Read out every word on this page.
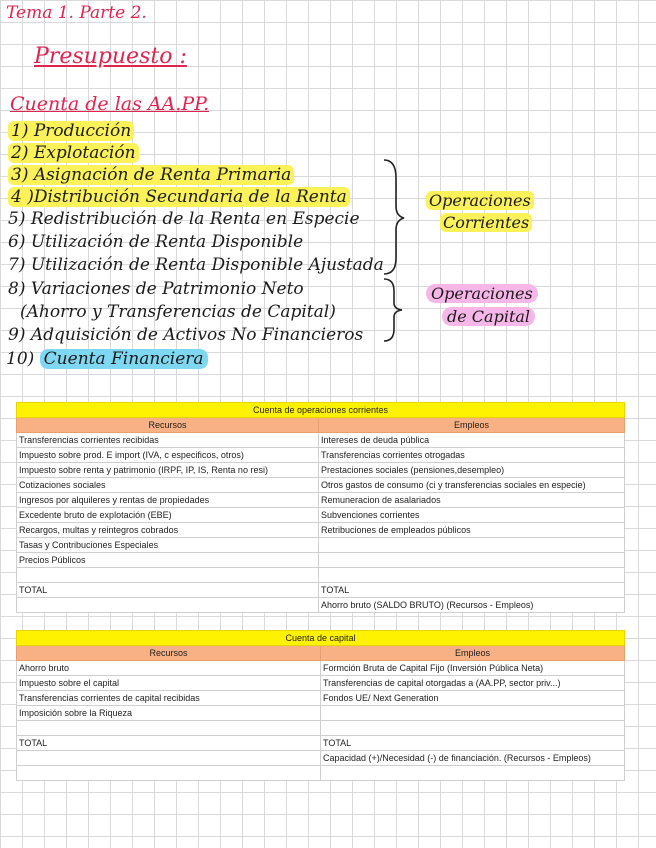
Tema 1. Parte 2.
Presupuesto :
Cuenta de las AA.PP.
1) Producción
2) Explotación
3) Asignación de Renta Primaria
4 )Distribución Secundaria de la Renta
5) Redistribución de la Renta en Especie
6) Utilización de Renta Disponible
7) Utilización de Renta Disponible Ajustada
8) Variaciones de Patrimonio Neto
(Ahorro y Transferencias de Capital)
9) Adquisición de Activos No Financieros
10) Cuenta Financiera
Operaciones
Corrientes
Operaciones
de Capital
Cuenta de operaciones corrientes	
Recursos	Empleos
Transferencias corrientes recibidas	Intereses de deuda pública
Impuesto sobre prod. E import (IVA, c especificos, otros)	Transferencias corrientes otrogadas
Impuesto sobre renta y patrimonio (IRPF, IP, IS, Renta no resi)	Prestaciones sociales (pensiones,desempleo)
Cotizaciones sociales	Otros gastos de consumo (ci y transferencias sociales en especie)
Ingresos por alquileres y rentas de propiedades	Remuneracion de asalariados
Excedente bruto de explotación (EBE)	Subvenciones corrientes
Recargos, multas y reintegros cobrados	Retribuciones de empleados públicos
Tasas y Contribuciones Especiales	
Precios Públicos	

TOTAL	TOTAL
	Ahorro bruto (SALDO BRUTO) (Recursos - Empleos)
Cuenta de capital	
Recursos	Empleos
Ahorro bruto	Formción Bruta de Capital Fijo (Inversión Pública Neta)
Impuesto sobre el capital	Transferencias de capital otorgadas a (AA.PP, sector priv...)
Transferencias corrientes de capital recibidas	Fondos UE/ Next Generation
Imposición sobre la Riqueza	

TOTAL	TOTAL
	Capacidad (+)/Necesidad (-) de financiación. (Recursos - Empleos)
